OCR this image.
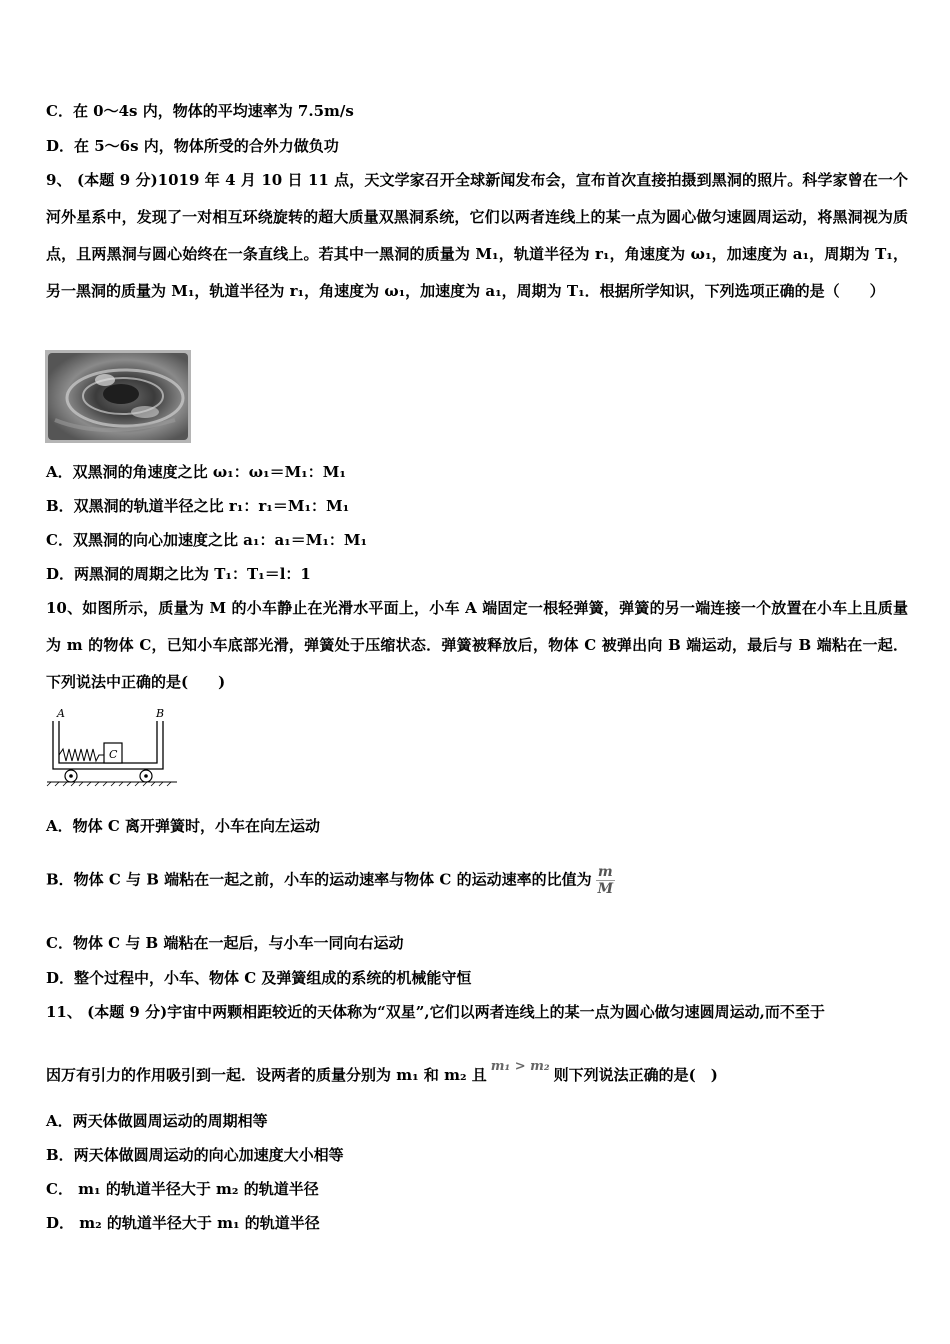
C．在 0～4s 内，物体的平均速率为 7.5m/s
D．在 5～6s 内，物体所受的合外力做负功
9、 (本题 9 分)1019 年 4 月 10 日 11 点，天文学家召开全球新闻发布会，宣布首次直接拍摄到黑洞的照片。科学家曾在一个河外星系中，发现了一对相互环绕旋转的超大质量双黑洞系统，它们以两者连线上的某一点为圆心做匀速圆周运动，将黑洞视为质点，且两黑洞与圆心始终在一条直线上。若其中一黑洞的质量为 M₁，轨道半径为 r₁，角速度为 ω₁，加速度为 a₁，周期为 T₁，另一黑洞的质量为 M₁，轨道半径为 r₁，角速度为 ω₁，加速度为 a₁，周期为 T₁．根据所学知识，下列选项正确的是（　　）
A．双黑洞的角速度之比 ω₁：ω₁＝M₁：M₁
B．双黑洞的轨道半径之比 r₁：r₁＝M₁：M₁
C．双黑洞的向心加速度之比 a₁：a₁＝M₁：M₁
D．两黑洞的周期之比为 T₁：T₁＝l：1
10、如图所示，质量为 M 的小车静止在光滑水平面上，小车 A 端固定一根轻弹簧，弹簧的另一端连接一个放置在小车上且质量为 m 的物体 C，已知小车底部光滑，弹簧处于压缩状态．弹簧被释放后，物体 C 被弹出向 B 端运动，最后与 B 端粘在一起．下列说法中正确的是(　　)
A	B
C
A．物体 C 离开弹簧时，小车在向左运动
B．物体 C 与 B 端粘在一起之前，小车的运动速率与物体 C 的运动速率的比值为 $\frac{m}{M}$
C．物体 C 与 B 端粘在一起后，与小车一同向右运动
D．整个过程中，小车、物体 C 及弹簧组成的系统的机械能守恒
11、 (本题 9 分)宇宙中两颗相距较近的天体称为“双星”,它们以两者连线上的某一点为圆心做匀速圆周运动,而不至于
因万有引力的作用吸引到一起．设两者的质量分别为 m₁ 和 m₂ 且 m₁ > m₂ 则下列说法正确的是(　)
A．两天体做圆周运动的周期相等
B．两天体做圆周运动的向心加速度大小相等
C． m₁ 的轨道半径大于 m₂ 的轨道半径
D． m₂ 的轨道半径大于 m₁ 的轨道半径
